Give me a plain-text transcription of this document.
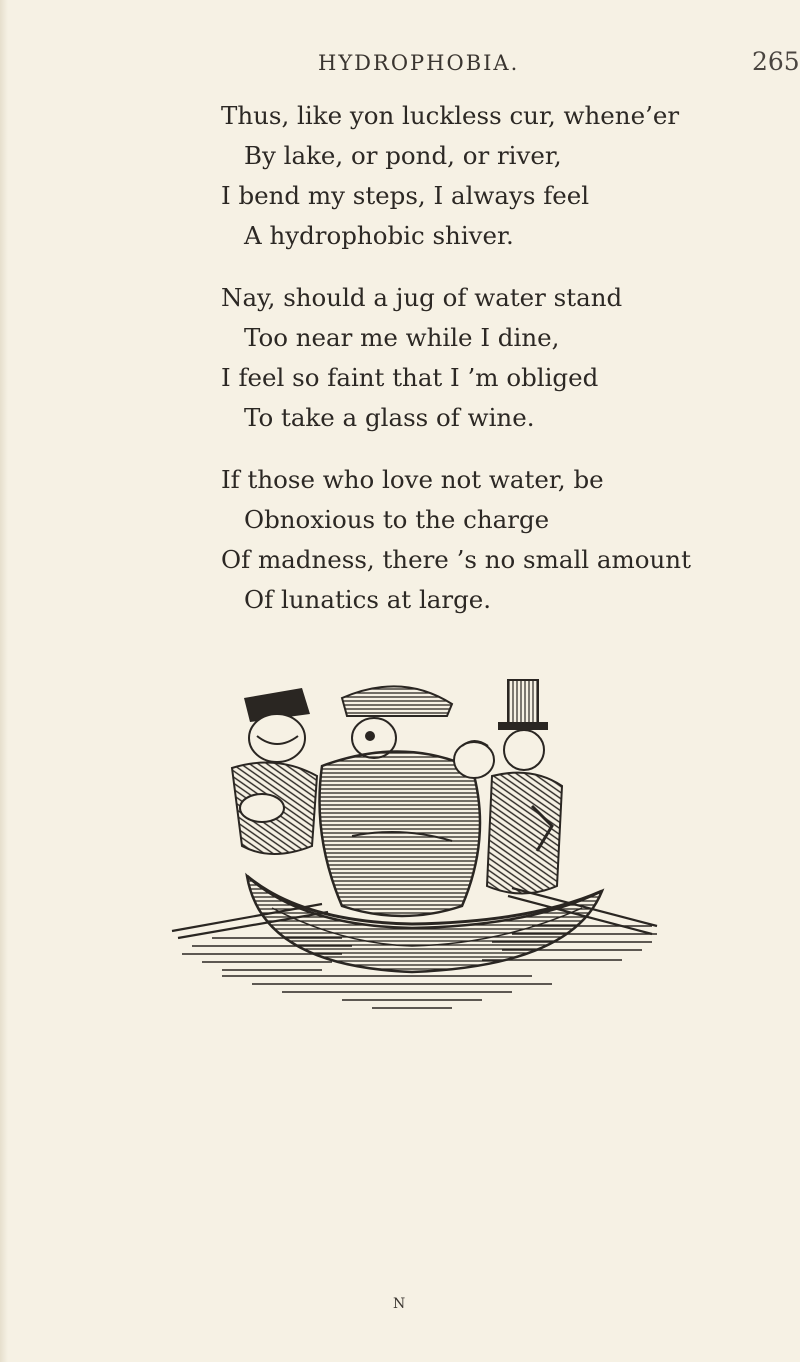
HYDROPHOBIA.	265
Thus, like yon luckless cur, whene’er
By lake, or pond, or river,
I bend my steps, I always feel
A hydrophobic shiver.
Nay, should a jug of water stand
Too near me while I dine,
I feel so faint that I ’m obliged
To take a glass of wine.
If those who love not water, be
Obnoxious to the charge
Of madness, there ’s no small amount
Of lunatics at large.
N
